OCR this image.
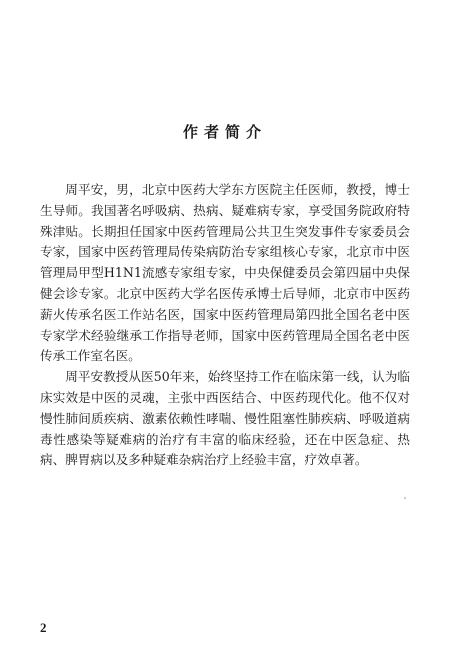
作者简介

周平安，男，北京中医药大学东方医院主任医师，教授，博士生导师。我国著名呼吸病、热病、疑难病专家，享受国务院政府特殊津贴。长期担任国家中医药管理局公共卫生突发事件专家委员会专家，国家中医药管理局传染病防治专家组核心专家，北京市中医管理局甲型H1N1流感专家组专家，中央保健委员会第四届中央保健会诊专家。北京中医药大学名医传承博士后导师，北京市中医药薪火传承名医工作站名医，国家中医药管理局第四批全国名老中医专家学术经验继承工作指导老师，国家中医药管理局全国名老中医传承工作室名医。

周平安教授从医50年来，始终坚持工作在临床第一线，认为临床实效是中医的灵魂，主张中西医结合、中医药现代化。他不仅对慢性肺间质疾病、激素依赖性哮喘、慢性阻塞性肺疾病、呼吸道病毒性感染等疑难病的治疗有丰富的临床经验，还在中医急症、热病、脾胃病以及多种疑难杂病治疗上经验丰富，疗效卓著。

2
